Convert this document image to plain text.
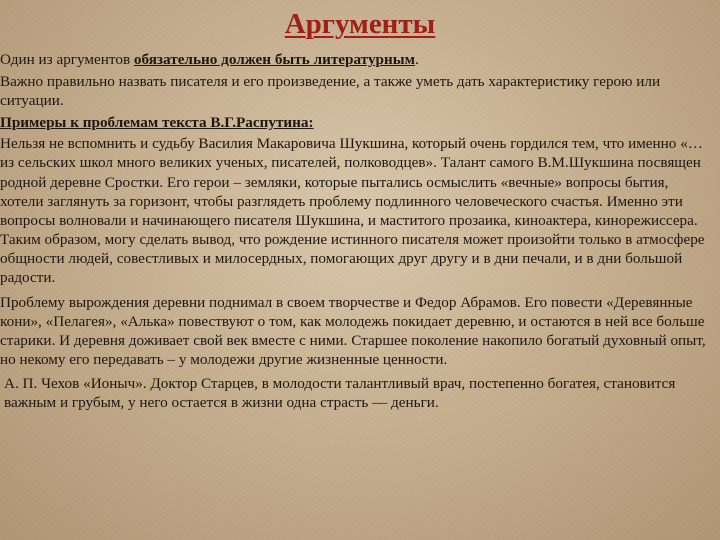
Аргументы

Один из аргументов обязательно должен быть литературным.

Важно правильно назвать писателя и его произведение, а также уметь дать характеристику герою или ситуации.

Примеры к проблемам текста В.Г.Распутина:

Нельзя не вспомнить и судьбу Василия Макаровича Шукшина, который очень гордился тем, что именно «…из сельских школ много великих ученых, писателей, полководцев». Талант самого В.М.Шукшина посвящен родной деревне Сростки. Его герои – земляки, которые пытались осмыслить «вечные» вопросы бытия, хотели заглянуть за горизонт, чтобы разглядеть проблему подлинного человеческого счастья. Именно эти вопросы волновали и начинающего писателя Шукшина, и маститого прозаика, киноактера, кинорежиссера. Таким образом, могу сделать вывод, что рождение истинного писателя может произойти только в атмосфере общности людей, совестливых и милосердных, помогающих друг другу и в дни печали, и в дни большой радости.

Проблему вырождения деревни поднимал в своем творчестве и Федор Абрамов. Его повести «Деревянные кони», «Пелагея», «Алька» повествуют о том, как молодежь покидает деревню, и остаются в ней все больше старики. И деревня доживает свой век вместе с ними. Старшее поколение накопило богатый духовный опыт, но некому его передавать – у молодежи другие жизненные ценности.

А. П. Чехов «Ионыч». Доктор Старцев, в молодости талантливый врач, постепенно богатея, становится важным и грубым, у него остается в жизни одна страсть — деньги.
